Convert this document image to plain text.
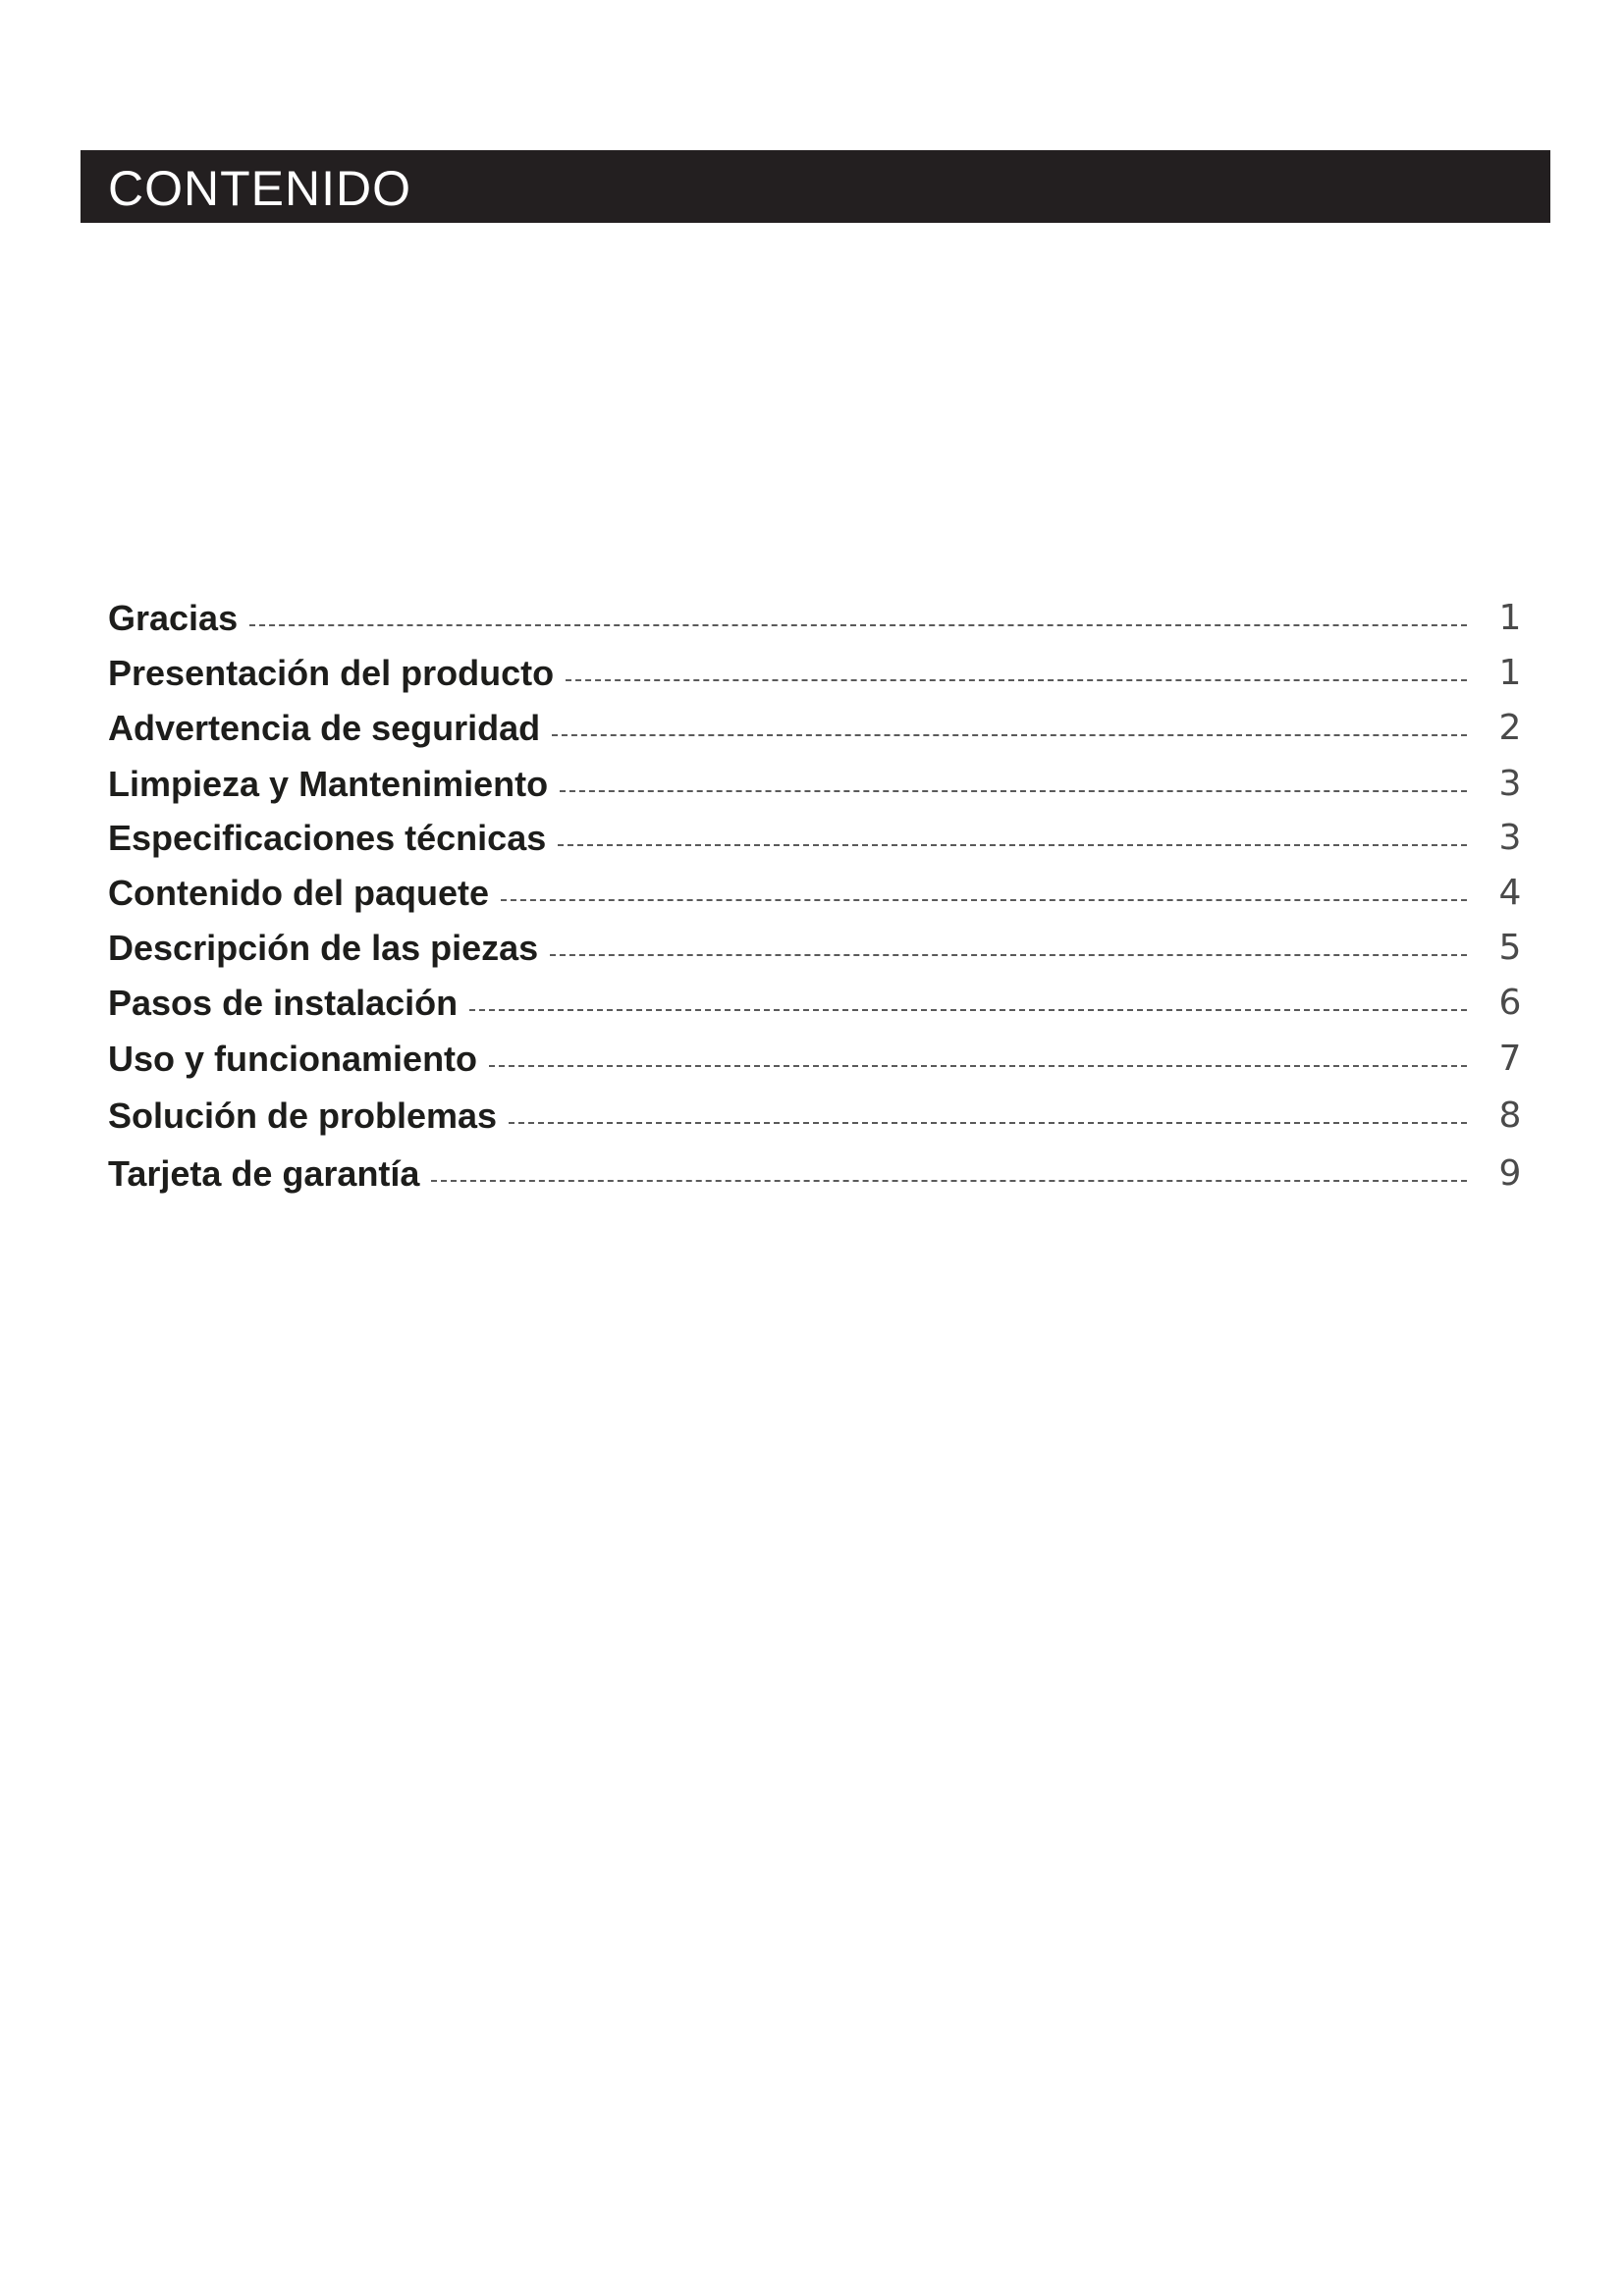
CONTENIDO
Gracias	1
Presentación del producto	1
Advertencia de seguridad	2
Limpieza y Mantenimiento	3
Especificaciones técnicas	3
Contenido del paquete	4
Descripción de las piezas	5
Pasos de instalación	6
Uso y funcionamiento	7
Solución de problemas	8
Tarjeta de garantía	9
